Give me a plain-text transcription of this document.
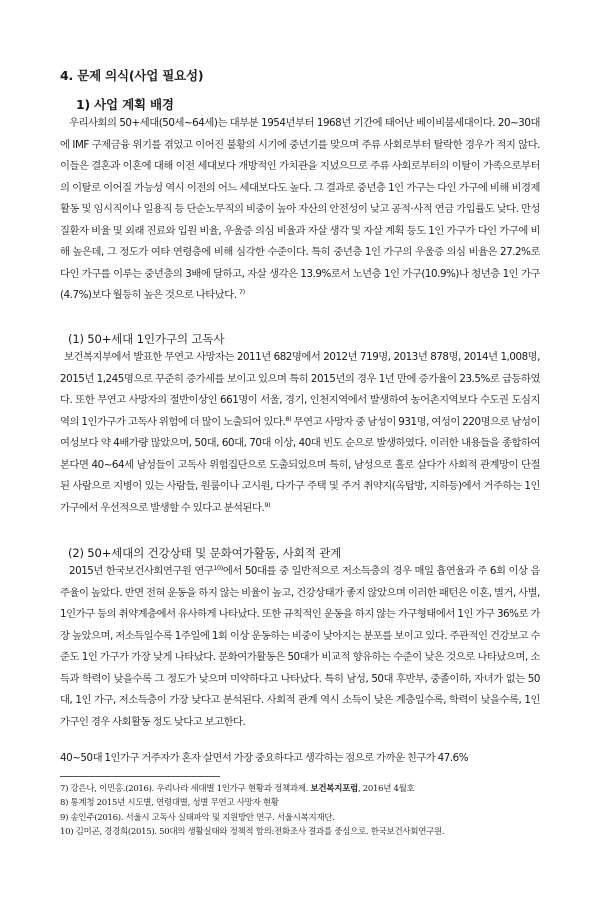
4. 문제 의식(사업 필요성)
1) 사업 계획 배경

우리사회의 50+세대(50세~64세)는 대부분 1954년부터 1968년 기간에 태어난 베이비붐세대이다. 20~30대에 IMF 구제금융 위기를 겪었고 이어진 불황의 시기에 중년기를 맞으며 주류 사회로부터 탈락한 경우가 적지 않다. 이들은 결혼과 이혼에 대해 이전 세대보다 개방적인 가치관을 지녔으므로 주류 사회로부터의 이탈이 가족으로부터의 이탈로 이어질 가능성 역시 이전의 어느 세대보다도 높다. 그 결과로 중년층 1인 가구는 다인 가구에 비해 비경제활동 및 임시직이나 일용직 등 단순노무직의 비중이 높아 자산의 안전성이 낮고 공적·사적 연금 가입률도 낮다. 만성질환자 비율 및 외래 진료와 입원 비율, 우울증 의심 비율과 자살 생각 및 자살 계획 등도 1인 가구가 다인 가구에 비해 높은데, 그 정도가 여타 연령층에 비해 심각한 수준이다. 특히 중년층 1인 가구의 우울증 의심 비율은 27.2%로 다인 가구를 이루는 중년층의 3배에 달하고, 자살 생각은 13.9%로서 노년층 1인 가구(10.9%)나 청년층 1인 가구(4.7%)보다 월등히 높은 것으로 나타났다. $^{7)}$

(1) 50+세대 1인가구의 고독사

보건복지부에서 발표한 무연고 사망자는 2011년 682명에서 2012년 719명, 2013년 878명, 2014년 1,008명, 2015년 1,245명으로 꾸준히 증가세를 보이고 있으며 특히 2015년의 경우 1년 만에 증가율이 23.5%로 급등하였다. 또한 무연고 사망자의 절반이상인 661명이 서울, 경기, 인천지역에서 발생하여 농어촌지역보다 수도권 도심지역의 1인가구가 고독사 위험에 더 많이 노출되어 있다.$^{8)}$ 무연고 사망자 중 남성이 931명, 여성이 220명으로 남성이 여성보다 약 4배가량 많았으며, 50대, 60대, 70대 이상, 40대 빈도 순으로 발생하였다. 이러한 내용들을 종합하여 본다면 40~64세 남성들이 고독사 위험집단으로 도출되었으며 특히, 남성으로 홀로 살다가 사회적 관계망이 단절된 사람으로 지병이 있는 사람들, 원룸이나 고시원, 다가구 주택 및 주거 취약지(옥탑방, 지하등)에서 거주하는 1인 가구에서 우선적으로 발생할 수 있다고 분석된다.$^{9)}$

(2) 50+세대의 건강상태 및 문화여가활동, 사회적 관계

2015년 한국보건사회연구원 연구$^{10)}$에서 50대를 중 일반적으로 저소득층의 경우 매일 흡연율과 주 6회 이상 음주율이 높았다. 반면 전혀 운동을 하지 않는 비율이 높고, 건강상태가 좋지 않았으며 이러한 패턴은 이혼, 별거, 사별, 1인가구 등의 취약계층에서 유사하게 나타났다. 또한 규칙적인 운동을 하지 않는 가구형태에서 1인 가구 36%로 가장 높았으며, 저소득일수록 1주일에 1회 이상 운동하는 비중이 낮아지는 분포를 보이고 있다. 주관적인 건강보고 수준도 1인 가구가 가장 낮게 나타났다. 문화여가활동은 50대가 비교적 향유하는 수준이 낮은 것으로 나타났으며, 소득과 학력이 낮을수록 그 정도가 낮으며 미약하다고 나타났다. 특히 남성, 50대 후반부, 중졸이하, 자녀가 없는 50대, 1인 가구, 저소득층이 가장 낮다고 분석된다. 사회적 관계 역시 소득이 낮은 계층일수록, 학력이 낮을수록, 1인 가구인 경우 사회활동 정도 낮다고 보고한다.

40~50대 1인가구 거주자가 혼자 살면서 가장 중요하다고 생각하는 점으로 가까운 친구가 47.6%

7) 강은나, 이민홍.(2016). 우리나라 세대별 1인가구 현황과 정책과제. 보건복지포럼, 2016년 4월호
8) 통계청 2015년 시도별, 연령대별, 성별 무연고 사망자 현황
9) 송인주(2016). 서울시 고독사 실태파악 및 지원방안 연구. 서울시복지재단.
10) 김미곤, 경경희(2015). 50대의 생활실태와 정책적 함의:전화조사 결과를 중심으로. 한국보건사회연구원.
